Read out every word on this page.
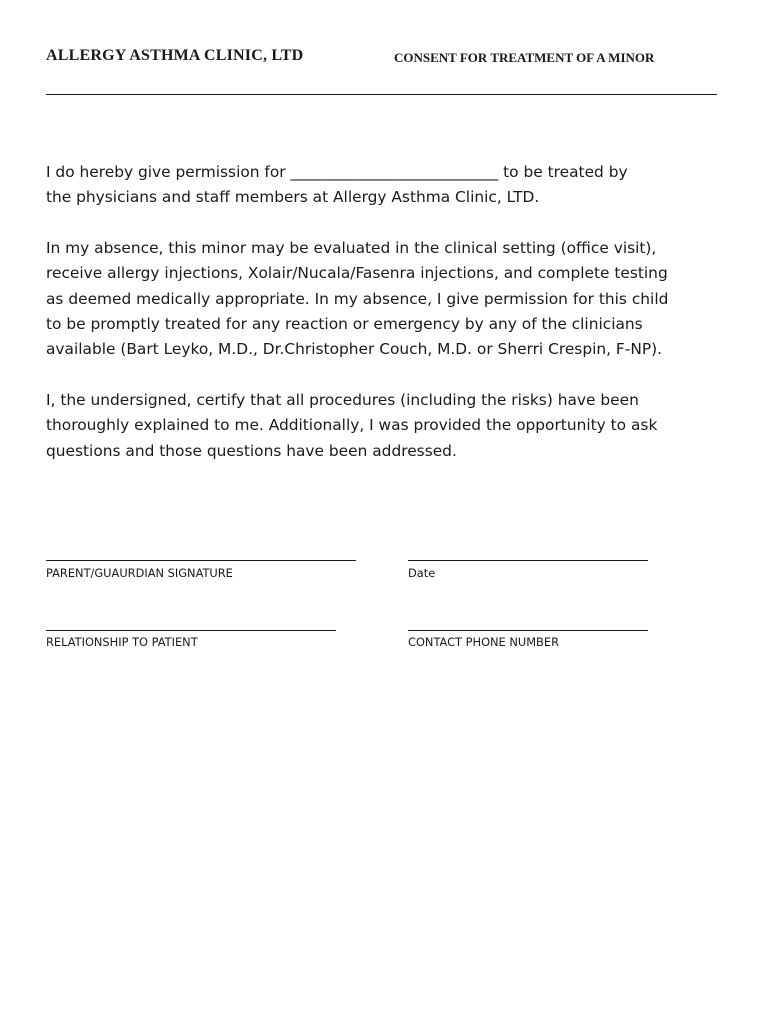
ALLERGY ASTHMA CLINIC, LTD	CONSENT FOR TREATMENT OF A MINOR
I do hereby give permission for ___________________________ to be treated by
the physicians and staff members at Allergy Asthma Clinic, LTD.
In my absence, this minor may be evaluated in the clinical setting (office visit),
receive allergy injections, Xolair/Nucala/Fasenra injections, and complete testing
as deemed medically appropriate. In my absence, I give permission for this child
to be promptly treated for any reaction or emergency by any of the clinicians
available (Bart Leyko, M.D., Dr.Christopher Couch, M.D. or Sherri Crespin, F-NP).
I, the undersigned, certify that all procedures (including the risks) have been
thoroughly explained to me. Additionally, I was provided the opportunity to ask
questions and those questions have been addressed.
PARENT/GUAURDIAN SIGNATURE	Date
RELATIONSHIP TO PATIENT	CONTACT PHONE NUMBER
